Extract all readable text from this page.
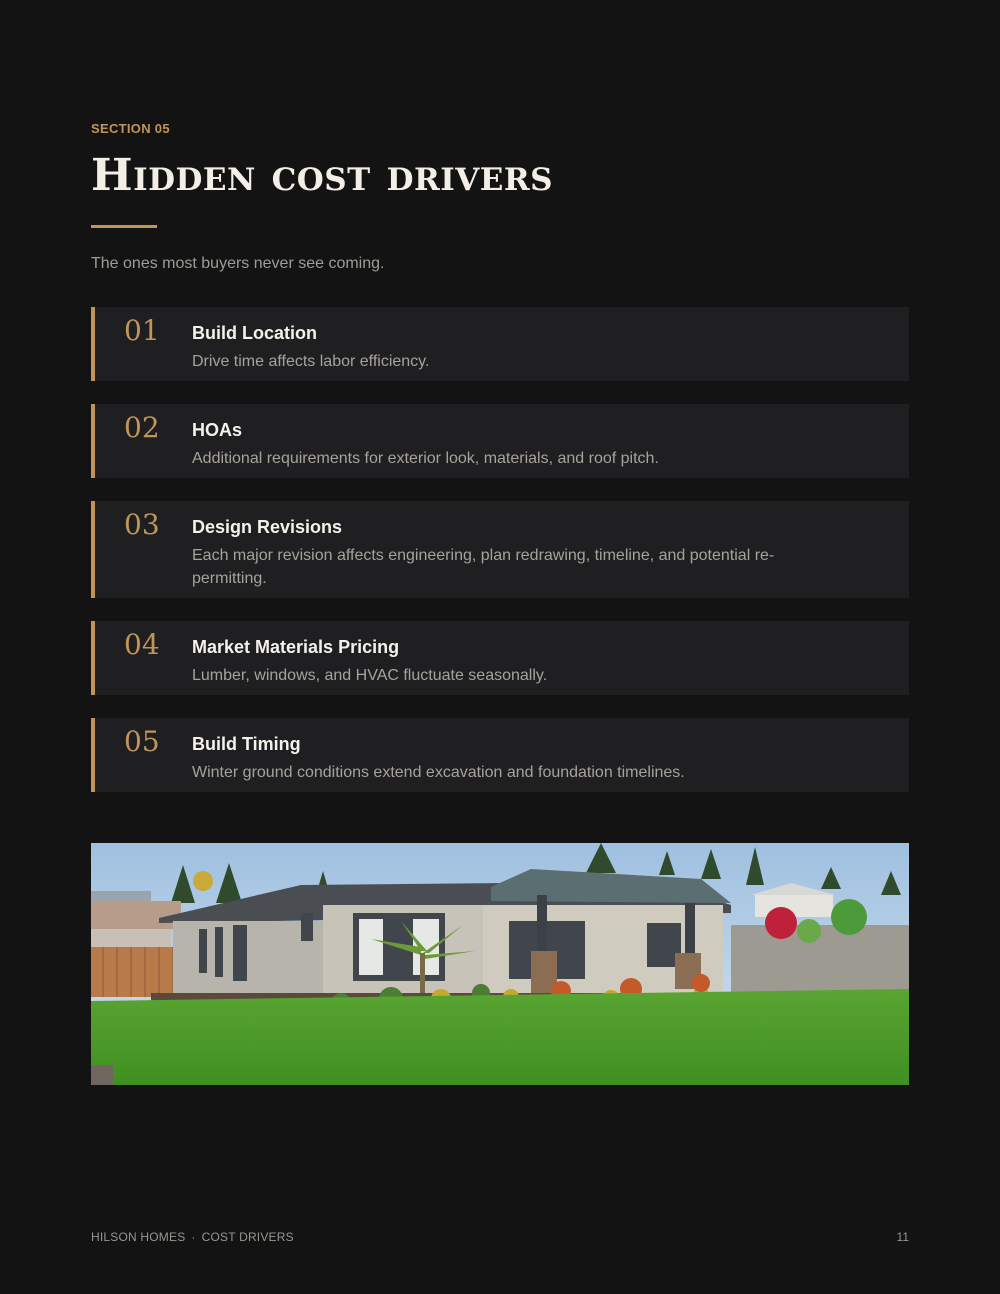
SECTION 05
Hidden cost drivers

The ones most buyers never see coming.

01 Build Location
Drive time affects labor efficiency.
02 HOAs
Additional requirements for exterior look, materials, and roof pitch.
03 Design Revisions
Each major revision affects engineering, plan redrawing, timeline, and potential re-permitting.
04 Market Materials Pricing
Lumber, windows, and HVAC fluctuate seasonally.
05 Build Timing
Winter ground conditions extend excavation and foundation timelines.
HILSON HOMES · COST DRIVERS	11
